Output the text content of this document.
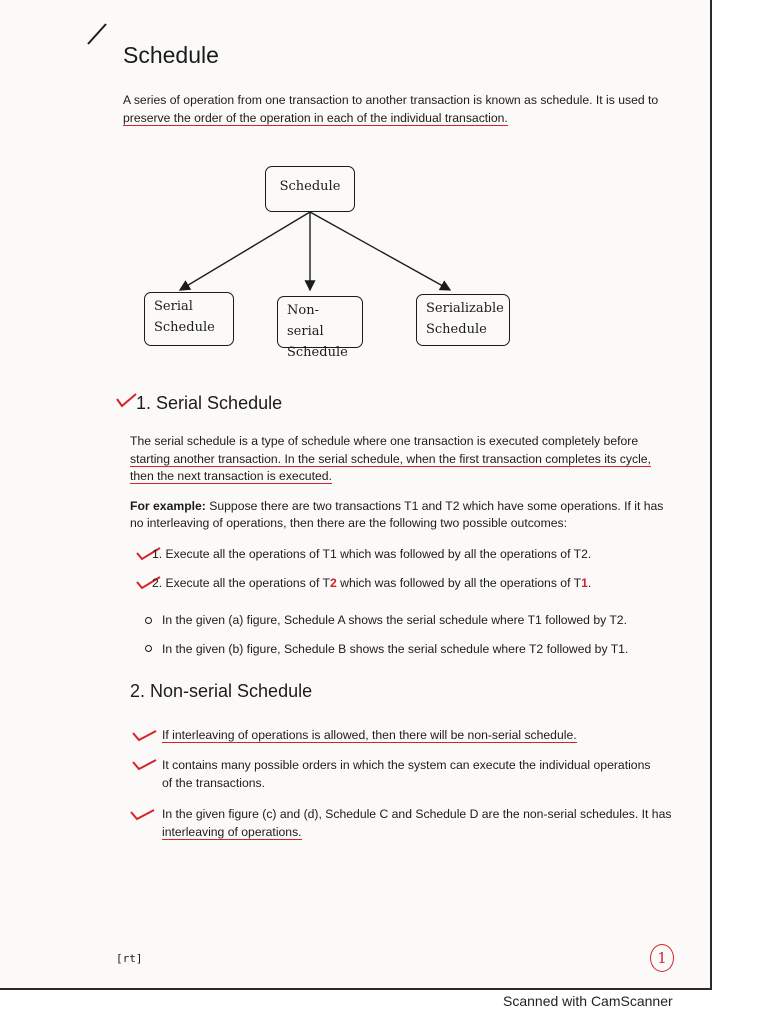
Schedule

A series of operation from one transaction to another transaction is known as schedule. It is used to

preserve the order of the operation in each of the individual transaction.

Schedule
Serial
Schedule
Non-serial
Schedule
Serializable
Schedule
1. Serial Schedule

The serial schedule is a type of schedule where one transaction is executed completely before

starting another transaction. In the serial schedule, when the first transaction completes its cycle,

then the next transaction is executed.

For example: Suppose there are two transactions T1 and T2 which have some operations. If it has

no interleaving of operations, then there are the following two possible outcomes:

1. Execute all the operations of T1 which was followed by all the operations of T2.

2. Execute all the operations of T2 which was followed by all the operations of T1.

In the given (a) figure, Schedule A shows the serial schedule where T1 followed by T2.

In the given (b) figure, Schedule B shows the serial schedule where T2 followed by T1.

2. Non-serial Schedule

If interleaving of operations is allowed, then there will be non-serial schedule.

It contains many possible orders in which the system can execute the individual operations

of the transactions.

In the given figure (c) and (d), Schedule C and Schedule D are the non-serial schedules. It has

interleaving of operations.

[rt]	1
Scanned with CamScanner
